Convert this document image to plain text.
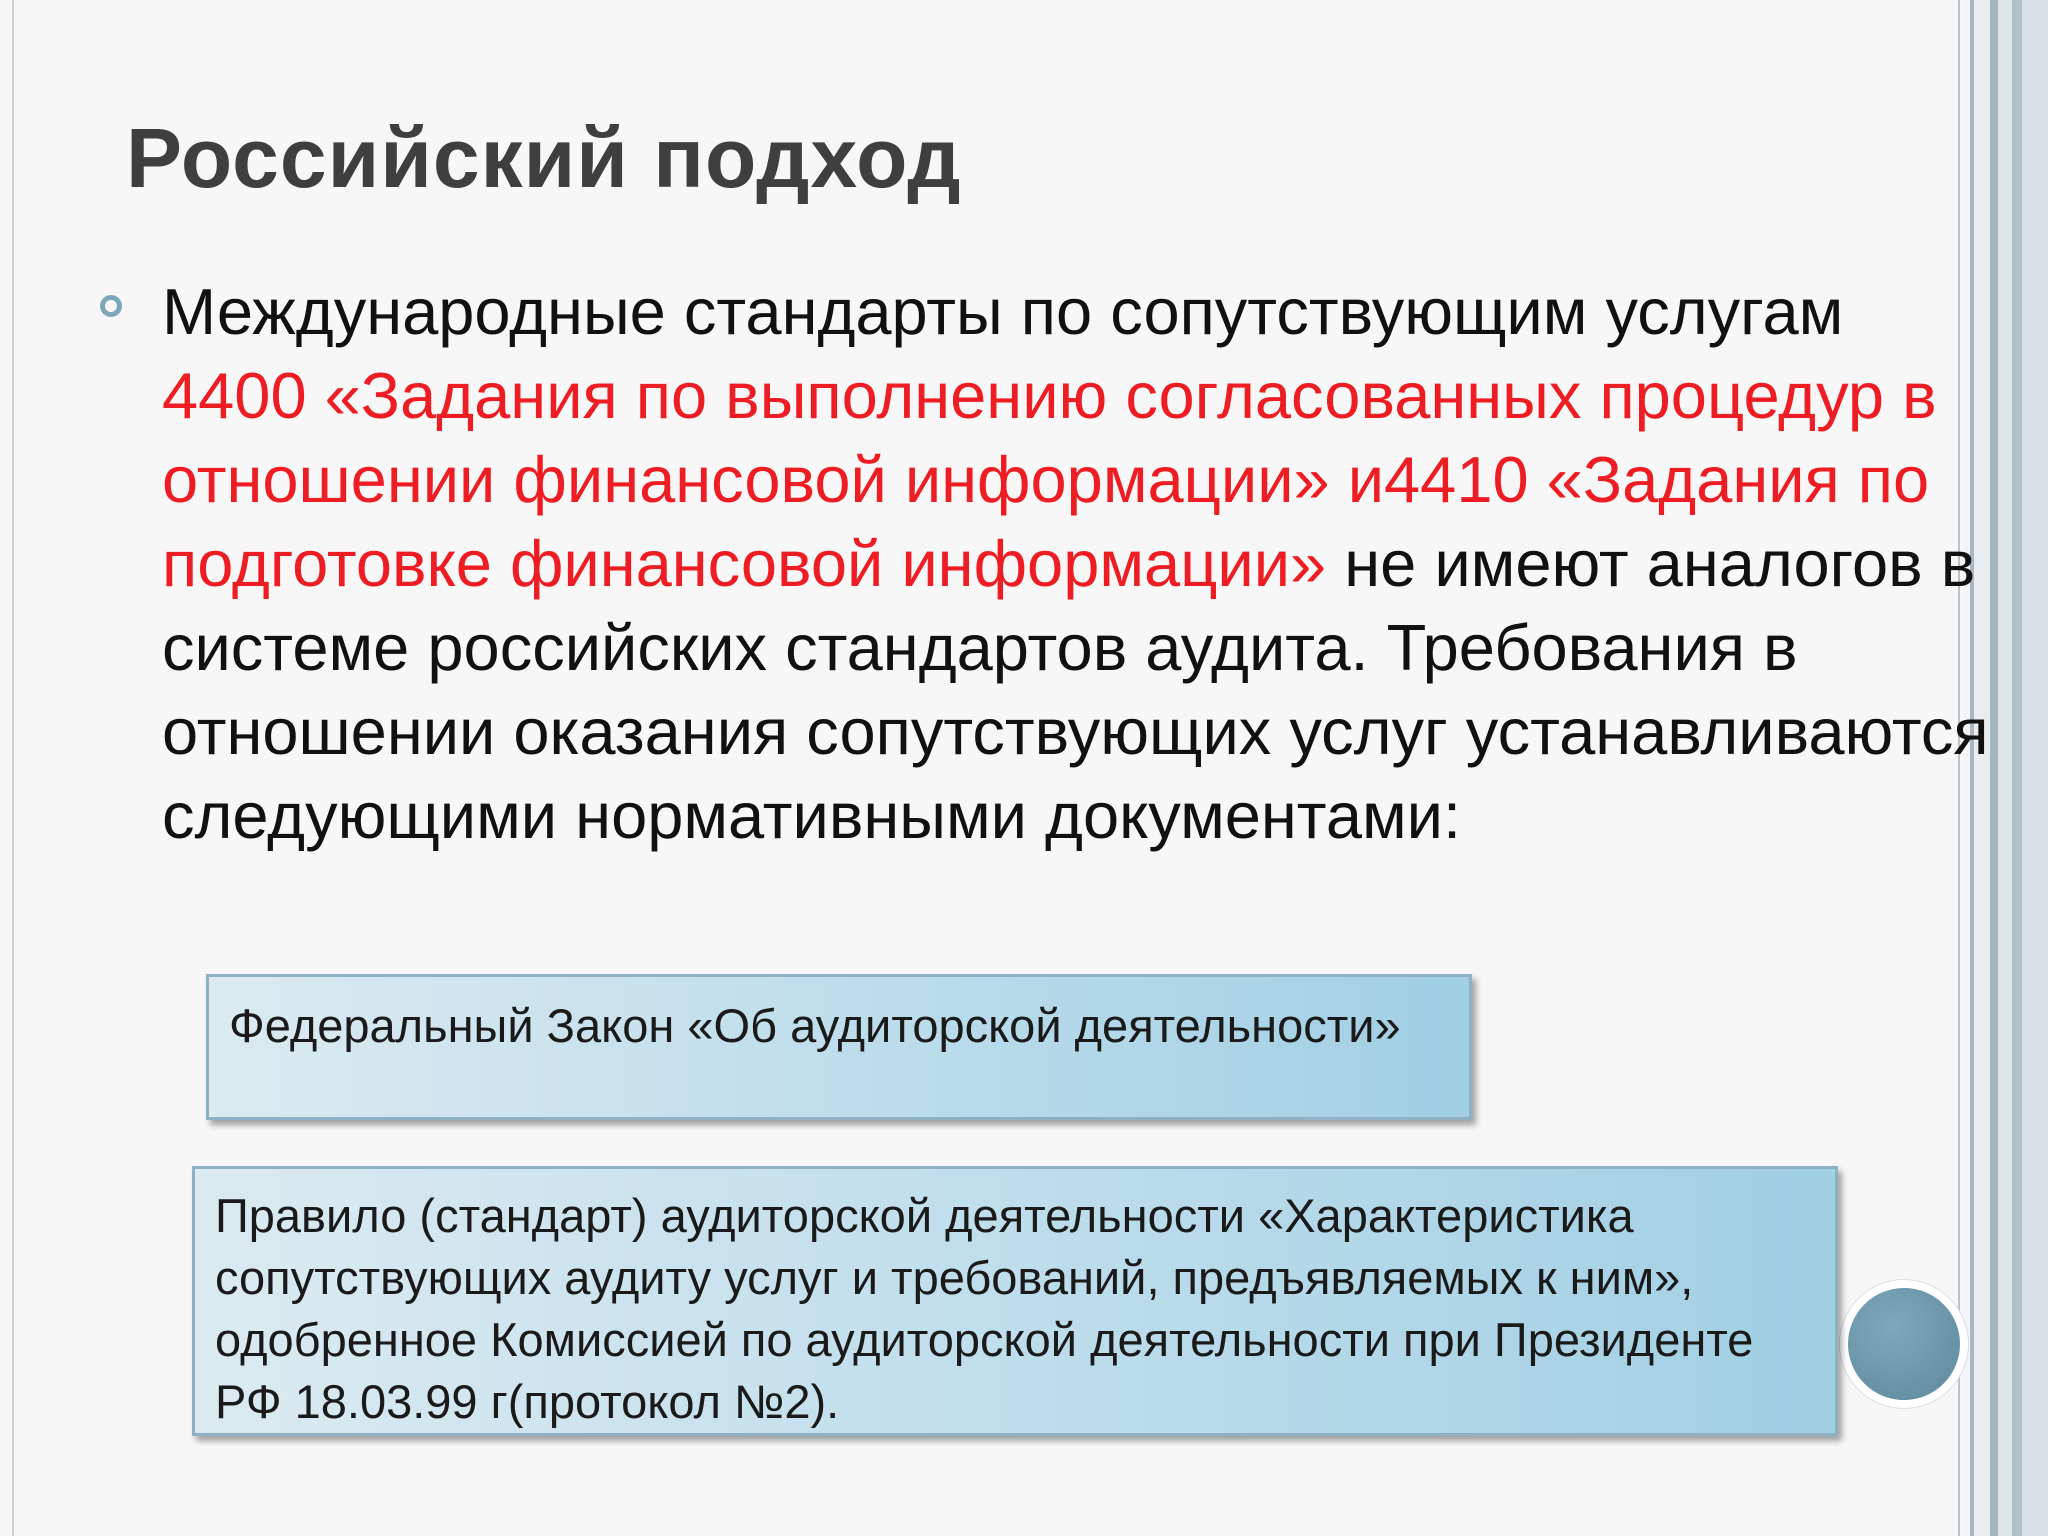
Российский подход
Международные стандарты по сопутствующим услугам 4400 «Задания по выполнению согласованных процедур в отношении финансовой информации» и4410 «Задания по подготовке финансовой информации» не имеют аналогов в системе российских стандартов аудита. Требования в отношении оказания сопутствующих услуг устанавливаются следующими нормативными документами:
Федеральный Закон «Об аудиторской деятельности»
Правило (стандарт) аудиторской деятельности «Характеристика сопутствующих аудиту услуг и требований, предъявляемых к ним», одобренное Комиссией по аудиторской деятельности при Президенте РФ 18.03.99 г(протокол №2).
